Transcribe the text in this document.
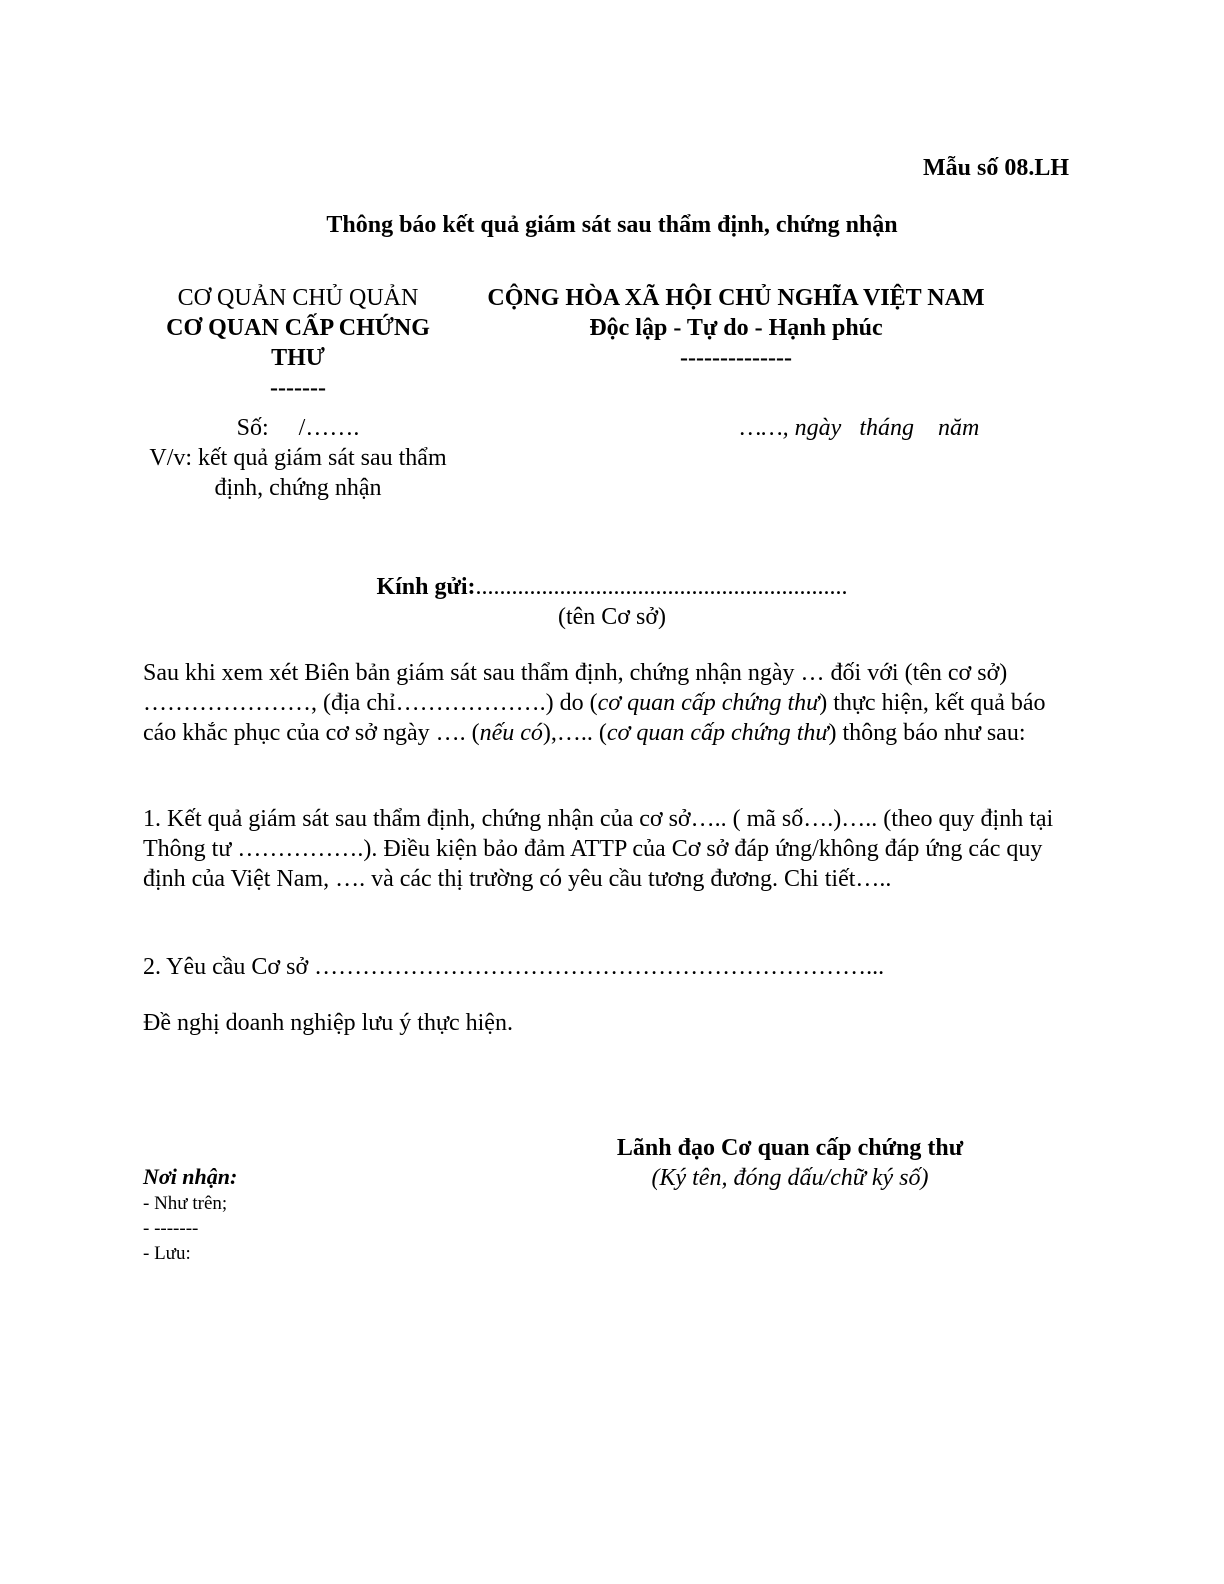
Mẫu số 08.LH
Thông báo kết quả giám sát sau thẩm định, chứng nhận
CƠ QUẢN CHỦ QUẢN
CƠ QUAN CẤP CHỨNG THƯ
-------
CỘNG HÒA XÃ HỘI CHỦ NGHĨA VIỆT NAM
Độc lập - Tự do - Hạnh phúc
--------------
Số:     /…….
V/v: kết quả giám sát sau thẩm định, chứng nhận
……, ngày   tháng    năm
Kính gửi:..............................................................
(tên Cơ sở)
Sau khi xem xét Biên bản giám sát sau thẩm định, chứng nhận ngày … đối với (tên cơ sở) …………………, (địa chỉ……………….) do (cơ quan cấp chứng thư) thực hiện, kết quả báo cáo khắc phục của cơ sở ngày …. (nếu có),….. (cơ quan cấp chứng thư) thông báo như sau:
1. Kết quả giám sát sau thẩm định, chứng nhận của cơ sở….. ( mã số….)….. (theo quy định tại Thông tư …………….). Điều kiện bảo đảm ATTP của Cơ sở đáp ứng/không đáp ứng các quy định của Việt Nam, …. và các thị trường có yêu cầu tương đương. Chi tiết…..
2. Yêu cầu Cơ sở ……………………………………………………………...
Đề nghị doanh nghiệp lưu ý thực hiện.
Lãnh đạo Cơ quan cấp chứng thư
(Ký tên, đóng dấu/chữ ký số)
Nơi nhận:
- Như trên;
- -------
- Lưu:
